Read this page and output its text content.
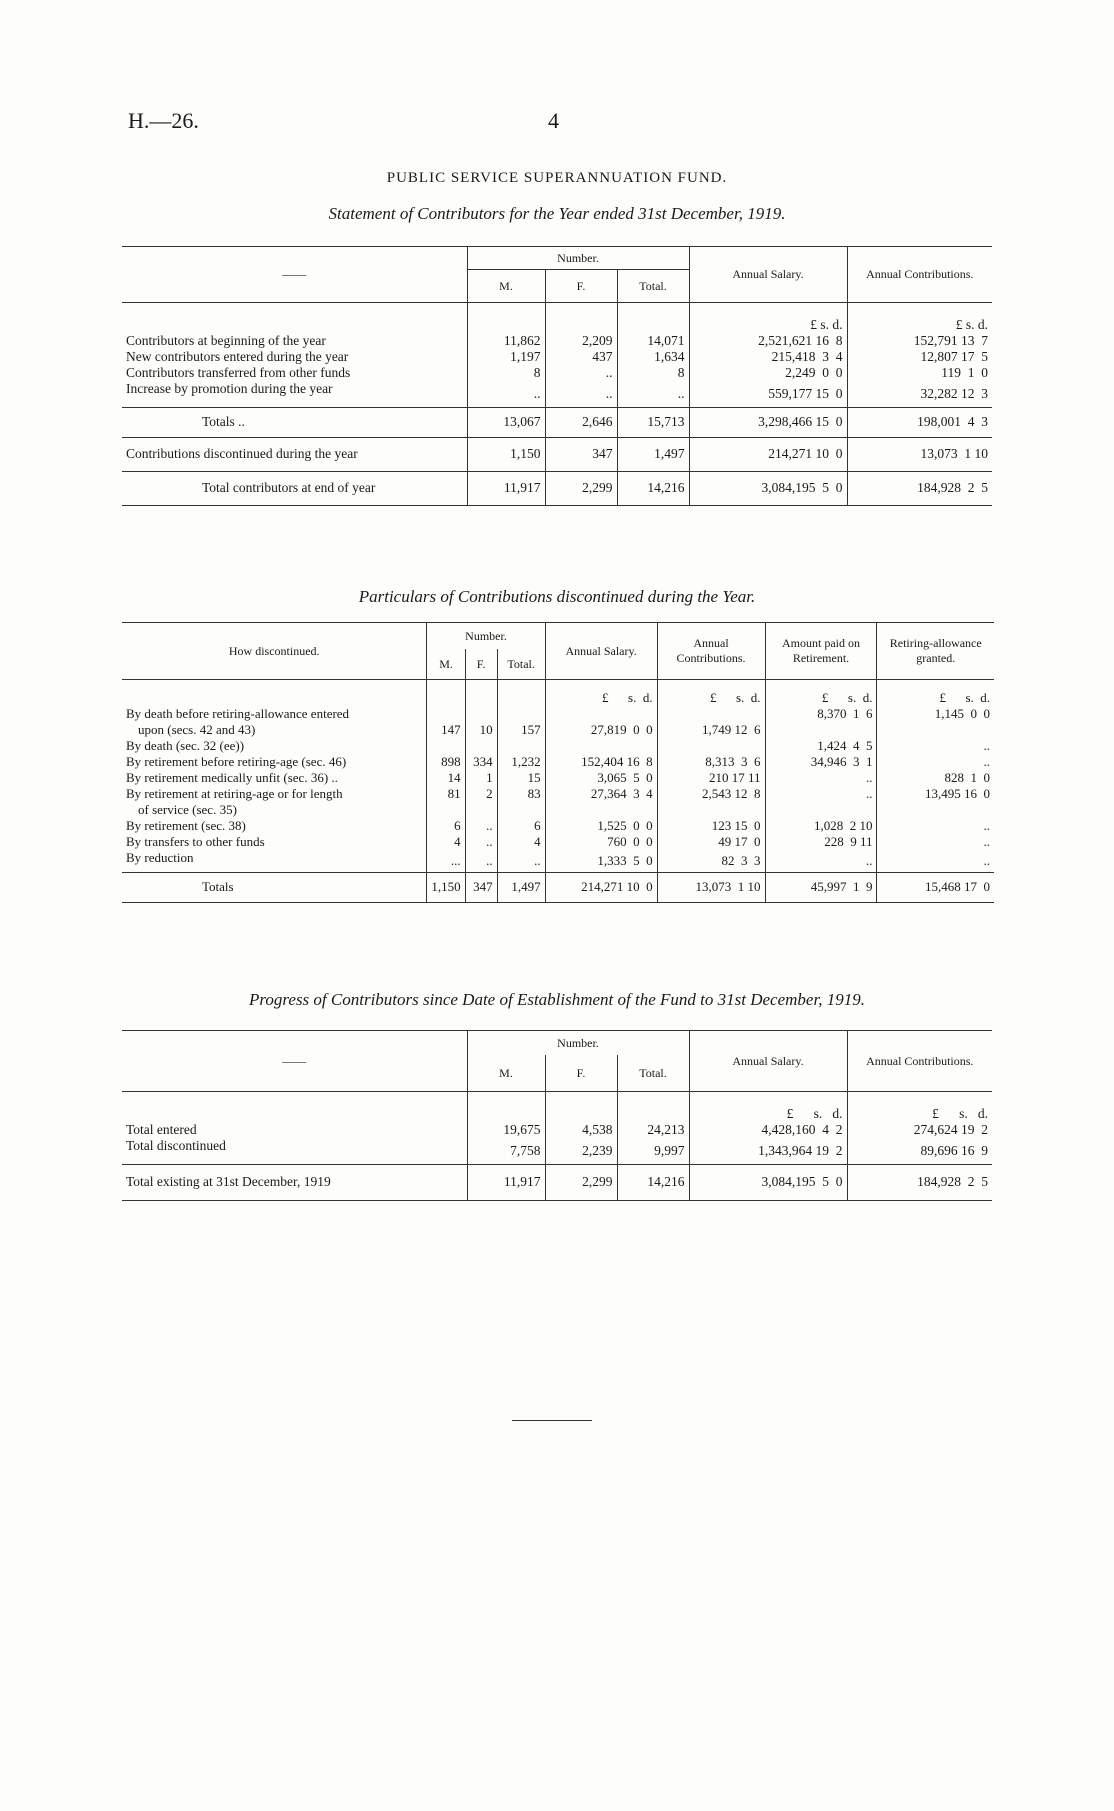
H.—26.	4
PUBLIC SERVICE SUPERANNUATION FUND.
Statement of Contributors for the Year ended 31st December, 1919.
——	Number.			Annual Salary.	Annual Contributions.
	M.	F.	Total.		
				£ s. d.	£ s. d.
Contributors at beginning of the year	11,862	2,209	14,071	2,521,621 16  8	152,791 13  7
New contributors entered during the year	1,197	437	1,634	215,418  3  4	12,807 17  5
Contributors transferred from other funds	8	..	8	2,249  0  0	119  1  0
Increase by promotion during the year	..	..	..	559,177 15  0	32,282 12  3
Totals ..	13,067	2,646	15,713	3,298,466 15  0	198,001  4  3
Contributions discontinued during the year	1,150	347	1,497	214,271 10  0	13,073  1 10
Total contributors at end of year	11,917	2,299	14,216	3,084,195  5  0	184,928  2  5
Particulars of Contributions discontinued during the Year.
How discontinued.	Number.			Annual Salary.	Annual Contributions.	Amount paid on Retirement.	Retiring-allowance granted.
	M.	F.	Total.				
				£      s.  d.	£      s.  d.	£      s.  d.	£      s.  d.
By death before retiring-allowance entered						8,370  1  6	1,145  0  0
upon (secs. 42 and 43)	147	10	157	27,819  0  0	1,749 12  6		
By death (sec. 32 (ee))						1,424  4  5	..
By retirement before retiring-age (sec. 46)	898	334	1,232	152,404 16  8	8,313  3  6	34,946  3  1	..
By retirement medically unfit (sec. 36) ..	14	1	15	3,065  5  0	210 17 11	..	828  1  0
By retirement at retiring-age or for length	81	2	83	27,364  3  4	2,543 12  8	..	13,495 16  0
of service (sec. 35)							
By retirement (sec. 38)	6	..	6	1,525  0  0	123 15  0	1,028  2 10	..
By transfers to other funds	4	..	4	760  0  0	49 17  0	228  9 11	..
By reduction	...	..	..	1,333  5  0	82  3  3	..	..
Totals	1,150	347	1,497	214,271 10  0	13,073  1 10	45,997  1  9	15,468 17  0
Progress of Contributors since Date of Establishment of the Fund to 31st December, 1919.
——	Number.			Annual Salary.	Annual Contributions.
	M.	F.	Total.		
				£      s.   d.	£      s.   d.
Total entered	19,675	4,538	24,213	4,428,160  4  2	274,624 19  2
Total discontinued	7,758	2,239	9,997	1,343,964 19  2	89,696 16  9
Total existing at 31st December, 1919	11,917	2,299	14,216	3,084,195  5  0	184,928  2  5
